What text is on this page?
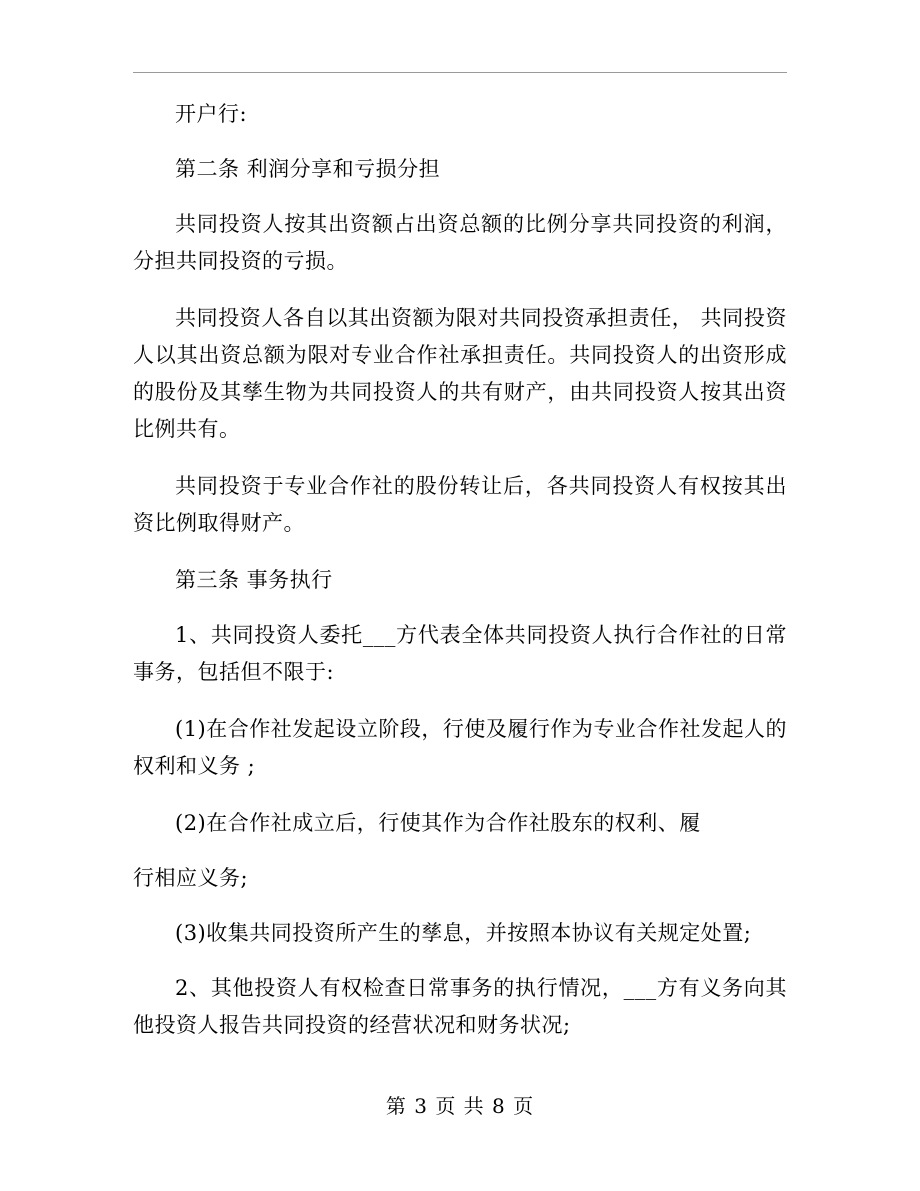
开户行:

第二条 利润分享和亏损分担

共同投资人按其出资额占出资总额的比例分享共同投资的利润，分担共同投资的亏损。

共同投资人各自以其出资额为限对共同投资承担责任， 共同投资人以其出资总额为限对专业合作社承担责任。共同投资人的出资形成的股份及其孳生物为共同投资人的共有财产，由共同投资人按其出资比例共有。

共同投资于专业合作社的股份转让后，各共同投资人有权按其出资比例取得财产。

第三条 事务执行

1、共同投资人委托___方代表全体共同投资人执行合作社的日常事务，包括但不限于:

(1)在合作社发起设立阶段，行使及履行作为专业合作社发起人的权利和义务 ;

(2)在合作社成立后，行使其作为合作社股东的权利、履

行相应义务;

(3)收集共同投资所产生的孳息，并按照本协议有关规定处置;

2、其他投资人有权检查日常事务的执行情况，___方有义务向其他投资人报告共同投资的经营状况和财务状况;

第 3 页 共 8 页
